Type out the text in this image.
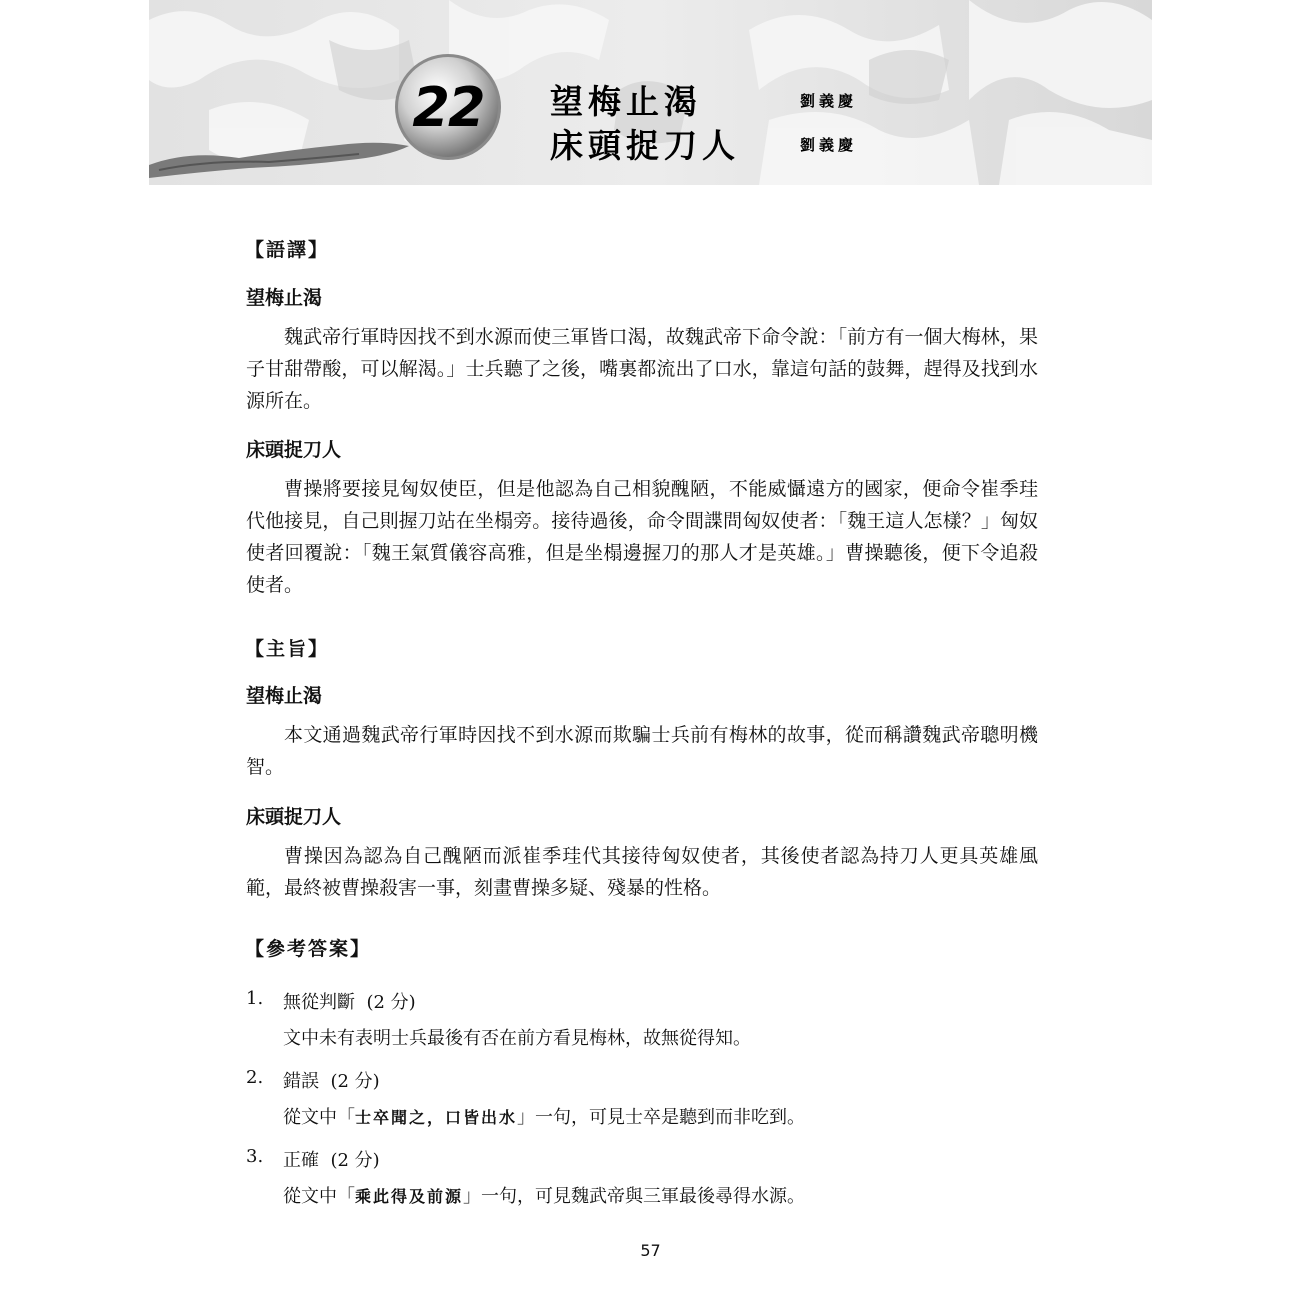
22	望梅止渴	劉義慶
床頭捉刀人	劉義慶
【語譯】
望梅止渴

魏武帝行軍時因找不到水源而使三軍皆口渴，故魏武帝下命令說：「前方有一個大梅林，果子甘甜帶酸，可以解渴。」士兵聽了之後，嘴裏都流出了口水，靠這句話的鼓舞，趕得及找到水源所在。

床頭捉刀人

曹操將要接見匈奴使臣，但是他認為自己相貌醜陋，不能威懾遠方的國家，便命令崔季珪代他接見，自己則握刀站在坐榻旁。接待過後，命令間諜問匈奴使者：「魏王這人怎樣？」匈奴使者回覆說：「魏王氣質儀容高雅，但是坐榻邊握刀的那人才是英雄。」曹操聽後，便下令追殺使者。

【主旨】
望梅止渴

本文通過魏武帝行軍時因找不到水源而欺騙士兵前有梅林的故事，從而稱讚魏武帝聰明機智。

床頭捉刀人

曹操因為認為自己醜陋而派崔季珪代其接待匈奴使者，其後使者認為持刀人更具英雄風範，最終被曹操殺害一事，刻畫曹操多疑、殘暴的性格。

【參考答案】
1. 無從判斷 (2 分)
文中未有表明士兵最後有否在前方看見梅林，故無從得知。
2. 錯誤 (2 分)
從文中「士卒聞之，口皆出水」一句，可見士卒是聽到而非吃到。
3. 正確 (2 分)
從文中「乘此得及前源」一句，可見魏武帝與三軍最後尋得水源。
57
